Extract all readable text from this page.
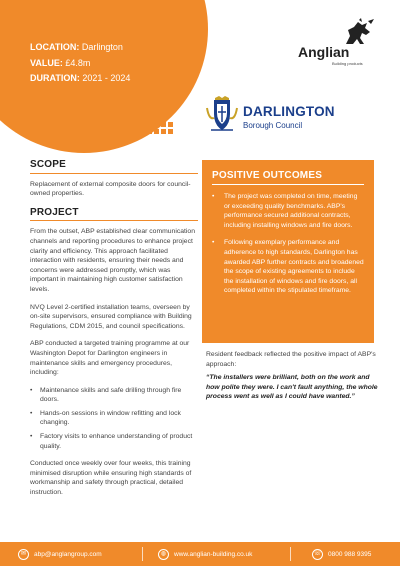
LOCATION: Darlington
VALUE: £4.8m
DURATION: 2021 - 2024
Anglian
Building products
DARLINGTON
Borough Council
SCOPE

Replacement of external composite doors for council-owned properties.

PROJECT

From the outset, ABP established clear communication channels and reporting procedures to enhance project clarity and efficiency. This approach facilitated interaction with residents, ensuring their needs and concerns were addressed promptly, which was important in maintaining high customer satisfaction levels.

NVQ Level 2-certified installation teams, overseen by on-site supervisors, ensured compliance with Building Regulations, CDM 2015, and council specifications.

ABP conducted a targeted training programme at our Washington Depot for Darlington engineers in maintenance skills and emergency procedures, including:

• Maintenance skills and safe drilling through fire doors.
• Hands-on sessions in window refitting and lock changing.
• Factory visits to enhance understanding of product quality.

Conducted once weekly over four weeks, this training minimised disruption while ensuring high standards of workmanship and safety through practical, detailed instruction.

POSITIVE OUTCOMES
• The project was completed on time, meeting or exceeding quality benchmarks. ABP's performance secured additional contracts, including installing windows and fire doors.
• Following exemplary performance and adherence to high standards, Darlington has awarded ABP further contracts and broadened the scope of existing agreements to include the installation of windows and fire doors, all completed within the stipulated timeframe.
Resident feedback reflected the positive impact of ABP's approach:
“The installers were brilliant, both on the work and how polite they were. I can't fault anything, the whole process went as well as I could have wanted.”
✉	abp@anglangroup.com	◍	www.anglian-building.co.uk	☏ 0800 988 9395
